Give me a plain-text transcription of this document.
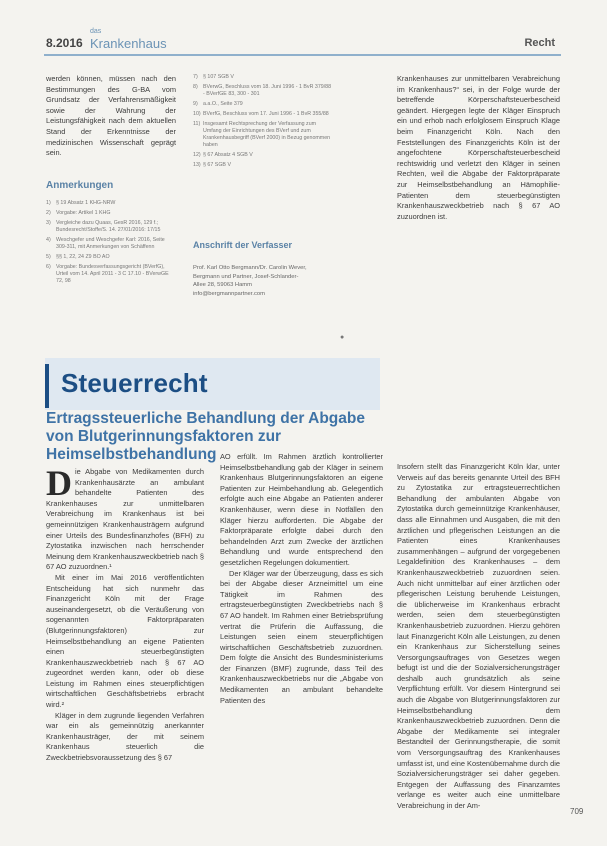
8.2016
das
Krankenhaus	Recht
werden können, müssen nach den Bestimmungen des G-BA vom Grundsatz der Verfahrensmäßigkeit sowie der Wahrung der Leistungsfähigkeit nach dem aktuellen Stand der Erkenntnisse der medizinischen Wissenschaft geprägt sein.
Anmerkungen
1) § 19 Absatz 1 KHG-NRW
2) Vorgabe: Artikel 1 KHG
3) Vergleiche dazu Quaas, GesR 2016, 129 f.; Bundesrecht/Stoffe/S. 14. 27/01/2016: 17/15
4) Weschgefer und Weschgefer Karl: 2016, Seite 309-311, mit Anmerkungen von Schäffenn
5) §§ 1, 22, 24 Z9 BO AO
6) Vorgabe: Bundesverfassungsgericht (BVerfG), Urteil vom 14. April 2011 - 3 C 17.10 - BVerwGE 72, 98
7) § 107 SGB V
8) BVerwG, Beschluss vom 18. Juni 1996 - 1 BvR 379/88 - BVerfGE 83, 300 - 301
9) a.a.O., Seite 379
10) BVerfG, Beschluss vom 17. Juni 1996 - 1 BvR 355/88
11) Insgesamt Rechtsprechung der Verfassung zum Umfang der Einrichtungen des BVerf und zum Krankenhausbegriff (BVerf 2000) in Bezug genommen haben
12) § 67 Absatz 4 SGB V
13) § 67 SGB V
Anschrift der Verfasser
Prof. Karl Otto Bergmann/Dr. Carolin Wever,
Bergmann und Partner, Josef-Schlander-
Allee 28, 59063 Hamm
info@bergmannpartner.com
●
Krankenhauses zur unmittelbaren Verabreichung im Krankenhaus?“ sei, in der Folge wurde der betreffende Körperschaftsteuerbescheid geändert. Hiergegen legte der Kläger Einspruch ein und erhob nach erfolglosem Einspruch Klage beim Finanzgericht Köln. Nach den Feststellungen des Finanzgerichts Köln ist der angefochtene Körperschaftsteuerbescheid rechtswidrig und verletzt den Kläger in seinen Rechten, weil die Abgabe der Faktorpräparate zur Heimselbstbehandlung an Hämophilie-Patienten dem steuerbegünstigten Krankenhauszweckbetrieb nach § 67 AO zuzuordnen ist.
Steuerrecht
Ertragssteuerliche Behandlung der Abgabe von Blutgerinnungsfaktoren zur Heimselbstbehandlung

Die Abgabe von Medikamenten durch Krankenhausärzte an ambulant behandelte Patienten des Krankenhauses zur unmittelbaren Verabreichung im Krankenhaus ist bei gemeinnützigen Krankenhausträgern aufgrund einer Urteils des Bundesfinanzhofes (BFH) zu Zytostatika inzwischen nach herrschender Meinung dem Krankenhauszweckbetrieb nach § 67 AO zuzuordnen.¹

Mit einer im Mai 2016 veröffentlichten Entscheidung hat sich nunmehr das Finanzgericht Köln mit der Frage auseinandergesetzt, ob die Veräußerung von sogenannten Faktorpräparaten (Blutgerinnungsfaktoren) zur Heimselbstbehandlung an eigene Patienten einen steuerbegünstigten Krankenhauszweckbetrieb nach § 67 AO zugeordnet werden kann, oder ob diese Leistung im Rahmen eines steuerpflichtigen wirtschaftlichen Geschäftsbetriebs erbracht wird.²

Kläger in dem zugrunde liegenden Verfahren war ein als gemeinnützig anerkannter Krankenhausträger, der mit seinem Krankenhaus steuerlich die Zweckbetriebsvoraussetzung des § 67

AO erfüllt. Im Rahmen ärztlich kontrollierter Heimselbstbehandlung gab der Kläger in seinem Krankenhaus Blutgerinnungsfaktoren an eigene Patienten zur Heimbehandlung ab. Gelegentlich erfolgte auch eine Abgabe an Patienten anderer Krankenhäuser, wenn diese in Notfällen den Kläger hierzu aufforderten. Die Abgabe der Faktorpräparate erfolgte dabei durch den behandelnden Arzt zum Zwecke der ärztlichen Behandlung und wurde entsprechend den gesetzlichen Regelungen dokumentiert.

Der Kläger war der Überzeugung, dass es sich bei der Abgabe dieser Arzneimittel um eine Tätigkeit im Rahmen des ertragsteuerbegünstigten Zweckbetriebs nach § 67 AO handelt. Im Rahmen einer Betriebsprüfung vertrat die Prüferin die Auffassung, die Leistungen seien einem steuerpflichtigen wirtschaftlichen Geschäftsbetrieb zuzuordnen. Dem folgte die Ansicht des Bundesministeriums der Finanzen (BMF) zugrunde, dass Teil des Krankenhauszweckbetriebs nur die „Abgabe von Medikamenten an ambulant behandelte Patienten des

Insofern stellt das Finanzgericht Köln klar, unter Verweis auf das bereits genannte Urteil des BFH zu Zytostatika zur ertragsteuerrechtlichen Behandlung der ambulanten Abgabe von Zytostatika durch gemeinnützige Krankenhäuser, dass alle Einnahmen und Ausgaben, die mit den ärztlichen und pflegerischen Leistungen an die Patienten eines Krankenhauses zusammenhängen – aufgrund der vorgegebenen Legaldefinition des Krankenhauses – dem Krankenhauszweckbetrieb zuzuordnen seien. Auch nicht unmittelbar auf einer ärztlichen oder pflegerischen Leistung beruhende Leistungen, die üblicherweise im Krankenhaus erbracht werden, seien dem steuerbegünstigten Krankenhausbetrieb zuzuordnen. Hierzu gehören laut Finanzgericht Köln alle Leistungen, zu denen ein Krankenhaus zur Sicherstellung seines Versorgungsauftrages von Gesetzes wegen befugt ist und die der Sozialversicherungsträger deshalb auch grundsätzlich als seine Verpflichtung erfüllt. Vor diesem Hintergrund sei auch die Abgabe von Blutgerinnungsfaktoren zur Heimselbstbehandlung dem Krankenhauszweckbetrieb zuzuordnen. Denn die Abgabe der Medikamente sei integraler Bestandteil der Gerinnungstherapie, die somit vom Versorgungsauftrag des Krankenhauses umfasst ist, und eine Kostenübernahme durch die Sozialversicherungsträger sei daher gegeben. Entgegen der Auffassung des Finanzamtes verlange es weiter auch eine unmittelbare Verabreichung in der Am-
709
